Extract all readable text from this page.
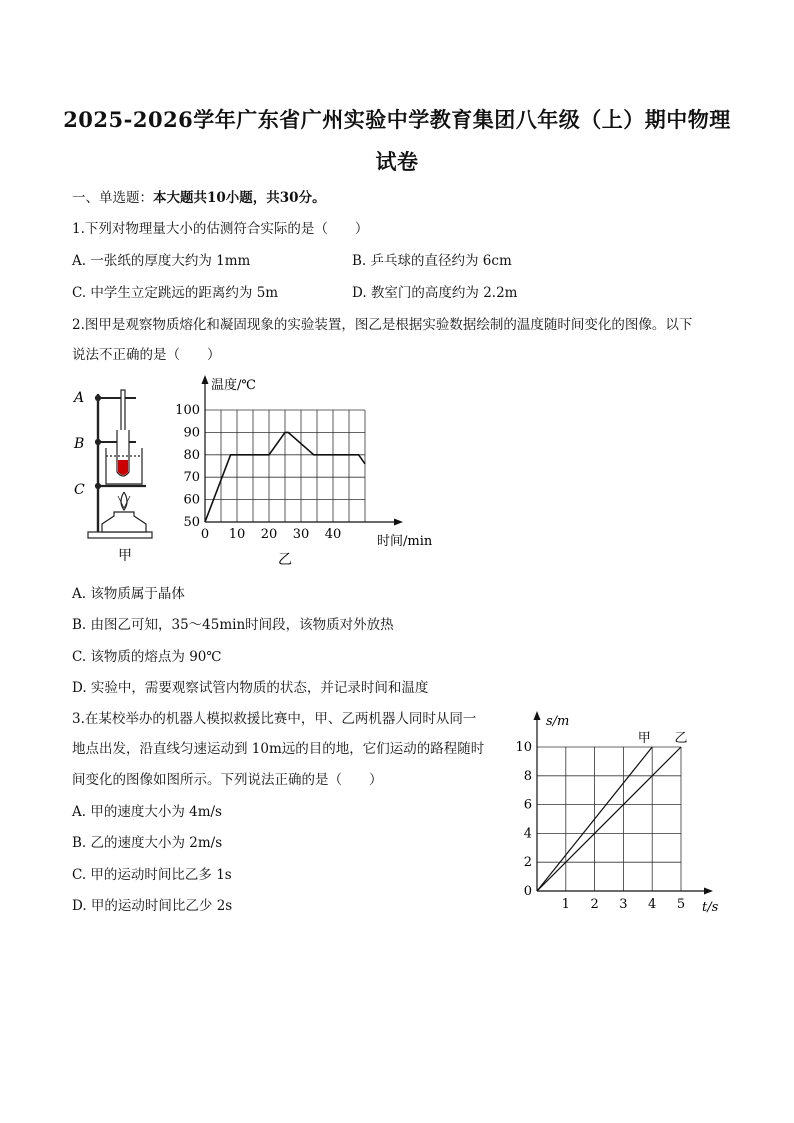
2025-2026学年广东省广州实验中学教育集团八年级（上）期中物理
试卷
一、单选题：本大题共10小题，共30分。
1.下列对物理量大小的估测符合实际的是（　　）
A. 一张纸的厚度大约为 1mm	B. 乒乓球的直径约为 6cm
C. 中学生立定跳远的距离约为 5m	D. 教室门的高度约为 2.2m
2.图甲是观察物质熔化和凝固现象的实验装置，图乙是根据实验数据绘制的温度随时间变化的图像。以下
说法不正确的是（　　）
A
B
C
甲
0 10 20 30 40
50
60
70
80
90
100
温度/℃
时间/min
乙
A. 该物质属于晶体
B. 由图乙可知，35～45min时间段，该物质对外放热
C. 该物质的熔点为 90℃
D. 实验中，需要观察试管内物质的状态，并记录时间和温度
3.在某校举办的机器人模拟救援比赛中，甲、乙两机器人同时从同一
地点出发，沿直线匀速运动到 10m远的目的地，它们运动的路程随时
间变化的图像如图所示。下列说法正确的是（　　）
A. 甲的速度大小为 4m/s
B. 乙的速度大小为 2m/s
C. 甲的运动时间比乙多 1s
D. 甲的运动时间比乙少 2s	1 2 3 4 5
0
2
4
6
8
10
s/m
t/s
甲 乙
